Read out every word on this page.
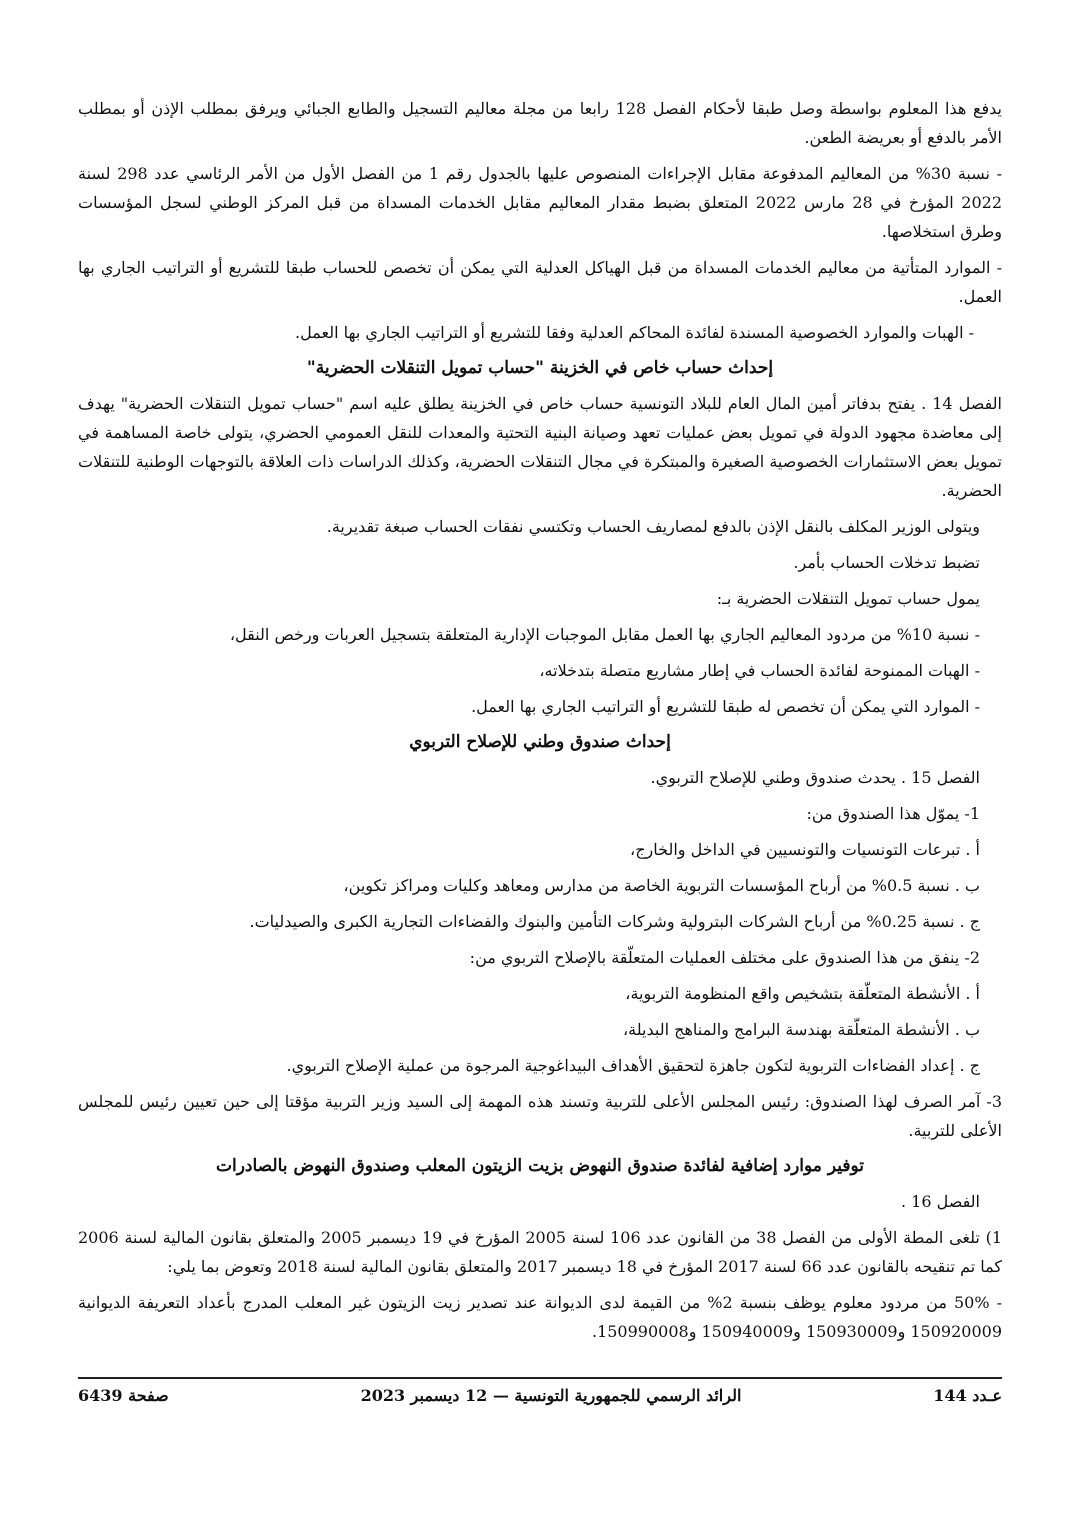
يدفع هذا المعلوم بواسطة وصل طبقا لأحكام الفصل 128 رابعا من مجلة معاليم التسجيل والطابع الجبائي ويرفق بمطلب الإذن أو بمطلب الأمر بالدفع أو بعريضة الطعن.

- نسبة 30% من المعاليم المدفوعة مقابل الإجراءات المنصوص عليها بالجدول رقم 1 من الفصل الأول من الأمر الرئاسي عدد 298 لسنة 2022 المؤرخ في 28 مارس 2022 المتعلق بضبط مقدار المعاليم مقابل الخدمات المسداة من قبل المركز الوطني لسجل المؤسسات وطرق استخلاصها.

- الموارد المتأتية من معاليم الخدمات المسداة من قبل الهياكل العدلية التي يمكن أن تخصص للحساب طبقا للتشريع أو التراتيب الجاري بها العمل.

- الهبات والموارد الخصوصية المسندة لفائدة المحاكم العدلية وفقا للتشريع أو التراتيب الجاري بها العمل.

إحداث حساب خاص في الخزينة "حساب تمويل التنقلات الحضرية"

الفصل 14 . يفتح بدفاتر أمين المال العام للبلاد التونسية حساب خاص في الخزينة يطلق عليه اسم "حساب تمويل التنقلات الحضرية" يهدف إلى معاضدة مجهود الدولة في تمويل بعض عمليات تعهد وصيانة البنية التحتية والمعدات للنقل العمومي الحضري، يتولى خاصة المساهمة في تمويل بعض الاستثمارات الخصوصية الصغيرة والمبتكرة في مجال التنقلات الحضرية، وكذلك الدراسات ذات العلاقة بالتوجهات الوطنية للتنقلات الحضرية.

ويتولى الوزير المكلف بالنقل الإذن بالدفع لمصاريف الحساب وتكتسي نفقات الحساب صبغة تقديرية.

تضبط تدخلات الحساب بأمر.

يمول حساب تمويل التنقلات الحضرية بـ:

- نسبة 10% من مردود المعاليم الجاري بها العمل مقابل الموجبات الإدارية المتعلقة بتسجيل العربات ورخص النقل،

- الهبات الممنوحة لفائدة الحساب في إطار مشاريع متصلة بتدخلاته،

- الموارد التي يمكن أن تخصص له طبقا للتشريع أو التراتيب الجاري بها العمل.

إحداث صندوق وطني للإصلاح التربوي

الفصل 15 . يحدث صندوق وطني للإصلاح التربوي.

1- يموّل هذا الصندوق من:

أ . تبرعات التونسيات والتونسيين في الداخل والخارج،

ب . نسبة 0.5% من أرباح المؤسسات التربوية الخاصة من مدارس ومعاهد وكليات ومراكز تكوين،

ج . نسبة 0.25% من أرباح الشركات البترولية وشركات التأمين والبنوك والفضاءات التجارية الكبرى والصيدليات.

2- ينفق من هذا الصندوق على مختلف العمليات المتعلّقة بالإصلاح التربوي من:

أ . الأنشطة المتعلّقة بتشخيص واقع المنظومة التربوية،

ب . الأنشطة المتعلّقة بهندسة البرامج والمناهج البديلة،

ج . إعداد الفضاءات التربوية لتكون جاهزة لتحقيق الأهداف البيداغوجية المرجوة من عملية الإصلاح التربوي.

3- آمر الصرف لهذا الصندوق: رئيس المجلس الأعلى للتربية وتسند هذه المهمة إلى السيد وزير التربية مؤقتا إلى حين تعيين رئيس للمجلس الأعلى للتربية.

توفير موارد إضافية لفائدة صندوق النهوض بزيت الزيتون المعلب وصندوق النهوض بالصادرات

الفصل 16 .

1) تلغى المطة الأولى من الفصل 38 من القانون عدد 106 لسنة 2005 المؤرخ في 19 ديسمبر 2005 والمتعلق بقانون المالية لسنة 2006 كما تم تنقيحه بالقانون عدد 66 لسنة 2017 المؤرخ في 18 ديسمبر 2017 والمتعلق بقانون المالية لسنة 2018 وتعوض بما يلي:

- 50% من مردود معلوم يوظف بنسبة 2% من القيمة لدى الديوانة عند تصدير زيت الزيتون غير المعلب المدرج بأعداد التعريفة الديوانية 150920009 و150930009 و150940009 و150990008.

عـدد 144
الرائد الرسمي للجمهورية التونسية — 12 ديسمبر 2023
صفحة 6439
